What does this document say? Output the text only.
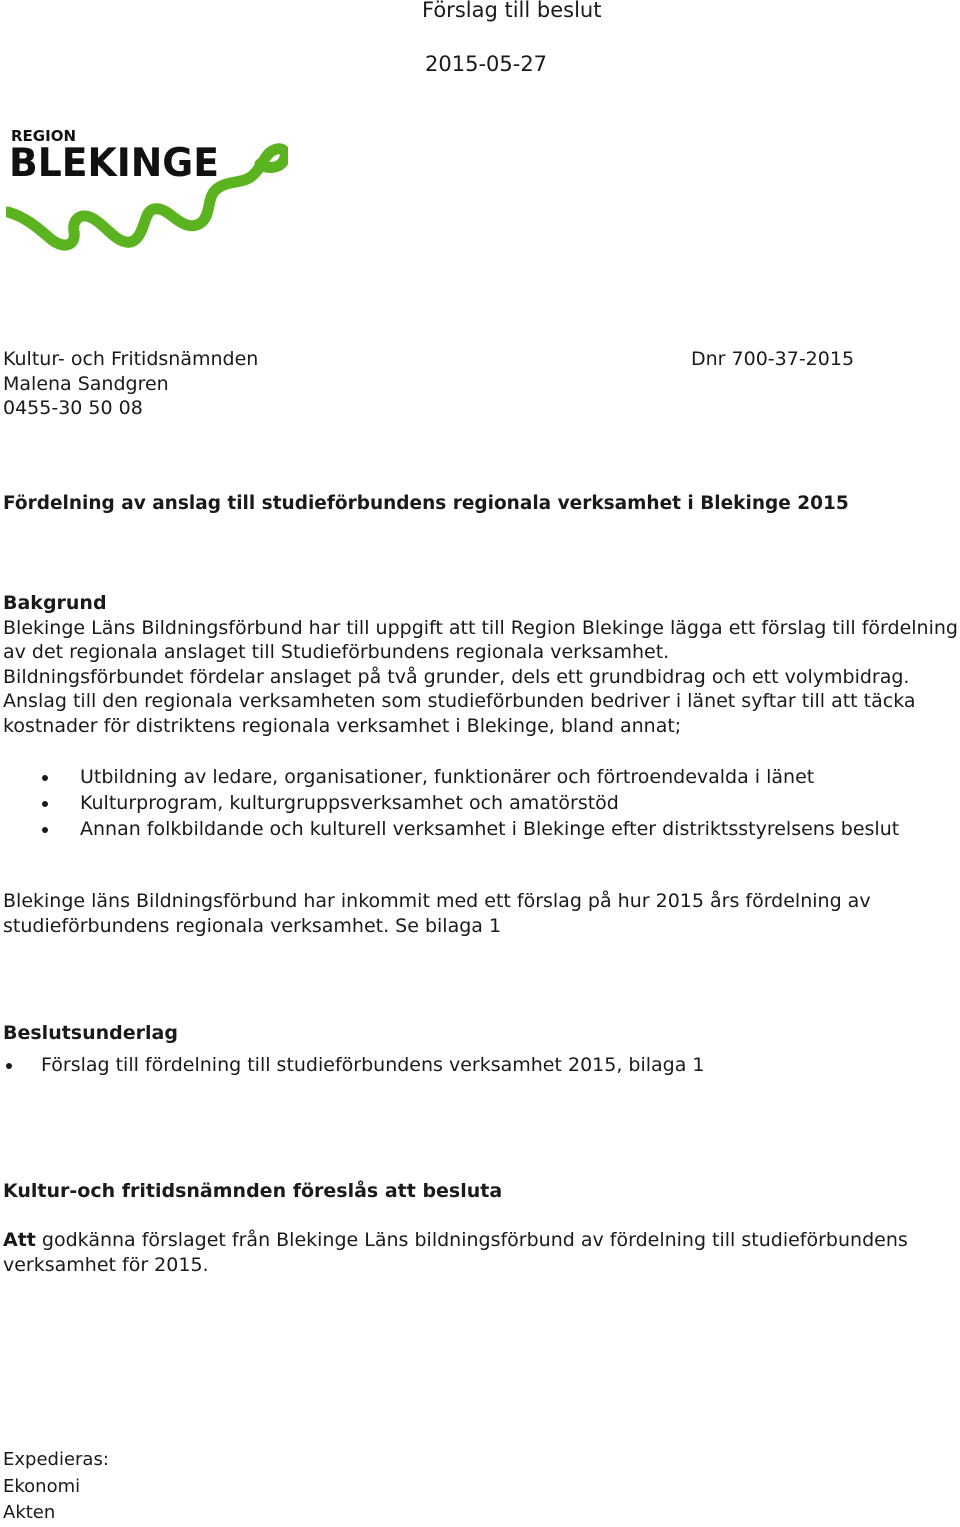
Förslag till beslut
2015-05-27
REGION
BLEKINGE
Kultur- och Fritidsnämnden
Malena Sandgren
0455-30 50 08
Dnr 700-37-2015
Fördelning av anslag till studieförbundens regionala verksamhet i Blekinge 2015
Bakgrund
Blekinge Läns Bildningsförbund har till uppgift att till Region Blekinge lägga ett förslag till fördelning
av det regionala anslaget till Studieförbundens regionala verksamhet.
Bildningsförbundet fördelar anslaget på två grunder, dels ett grundbidrag och ett volymbidrag.
Anslag till den regionala verksamheten som studieförbunden bedriver i länet syftar till att täcka
kostnader för distriktens regionala verksamhet i Blekinge, bland annat;
Utbildning av ledare, organisationer, funktionärer och förtroendevalda i länet
Kulturprogram, kulturgruppsverksamhet och amatörstöd
Annan folkbildande och kulturell verksamhet i Blekinge efter distriktsstyrelsens beslut
Blekinge läns Bildningsförbund har inkommit med ett förslag på hur 2015 års fördelning av
studieförbundens regionala verksamhet. Se bilaga 1
Beslutsunderlag
Förslag till fördelning till studieförbundens verksamhet 2015, bilaga 1
Kultur-och fritidsnämnden föreslås att besluta
Att godkänna förslaget från Blekinge Läns bildningsförbund av fördelning till studieförbundens
verksamhet för 2015.
Expedieras:
Ekonomi
Akten
